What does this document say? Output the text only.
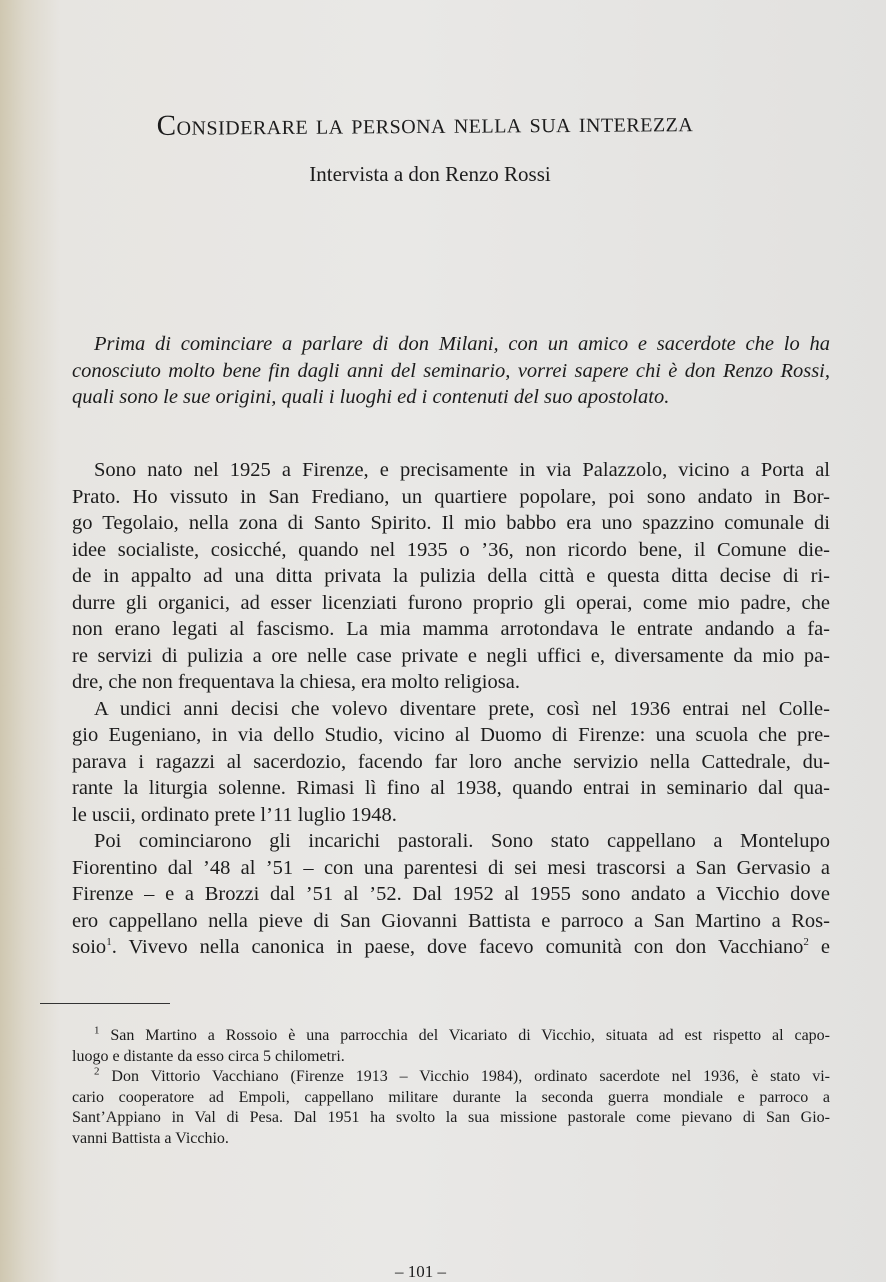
Considerare la persona nella sua interezza
Intervista a don Renzo Rossi
Prima di cominciare a parlare di don Milani, con un amico e sacerdote che lo ha
conosciuto molto bene fin dagli anni del seminario, vorrei sapere chi è don Renzo Rossi,
quali sono le sue origini, quali i luoghi ed i contenuti del suo apostolato.
Sono nato nel 1925 a Firenze, e precisamente in via Palazzolo, vicino a Porta al
Prato. Ho vissuto in San Frediano, un quartiere popolare, poi sono andato in Bor-
go Tegolaio, nella zona di Santo Spirito. Il mio babbo era uno spazzino comunale di
idee socialiste, cosicché, quando nel 1935 o ’36, non ricordo bene, il Comune die-
de in appalto ad una ditta privata la pulizia della città e questa ditta decise di ri-
durre gli organici, ad esser licenziati furono proprio gli operai, come mio padre, che
non erano legati al fascismo. La mia mamma arrotondava le entrate andando a fa-
re servizi di pulizia a ore nelle case private e negli uffici e, diversamente da mio pa-
dre, che non frequentava la chiesa, era molto religiosa.
A undici anni decisi che volevo diventare prete, così nel 1936 entrai nel Colle-
gio Eugeniano, in via dello Studio, vicino al Duomo di Firenze: una scuola che pre-
parava i ragazzi al sacerdozio, facendo far loro anche servizio nella Cattedrale, du-
rante la liturgia solenne. Rimasi lì fino al 1938, quando entrai in seminario dal qua-
le uscii, ordinato prete l’11 luglio 1948.
Poi cominciarono gli incarichi pastorali. Sono stato cappellano a Montelupo
Fiorentino dal ’48 al ’51 – con una parentesi di sei mesi trascorsi a San Gervasio a
Firenze – e a Brozzi dal ’51 al ’52. Dal 1952 al 1955 sono andato a Vicchio dove
ero cappellano nella pieve di San Giovanni Battista e parroco a San Martino a Ros-
soio$^1$. Vivevo nella canonica in paese, dove facevo comunità con don Vacchiano$^2$ e
$^1$ San Martino a Rossoio è una parrocchia del Vicariato di Vicchio, situata ad est rispetto al capo-
luogo e distante da esso circa 5 chilometri.
$^2$ Don Vittorio Vacchiano (Firenze 1913 – Vicchio 1984), ordinato sacerdote nel 1936, è stato vi-
cario cooperatore ad Empoli, cappellano militare durante la seconda guerra mondiale e parroco a
Sant’Appiano in Val di Pesa. Dal 1951 ha svolto la sua missione pastorale come pievano di San Gio-
vanni Battista a Vicchio.
– 101 –
